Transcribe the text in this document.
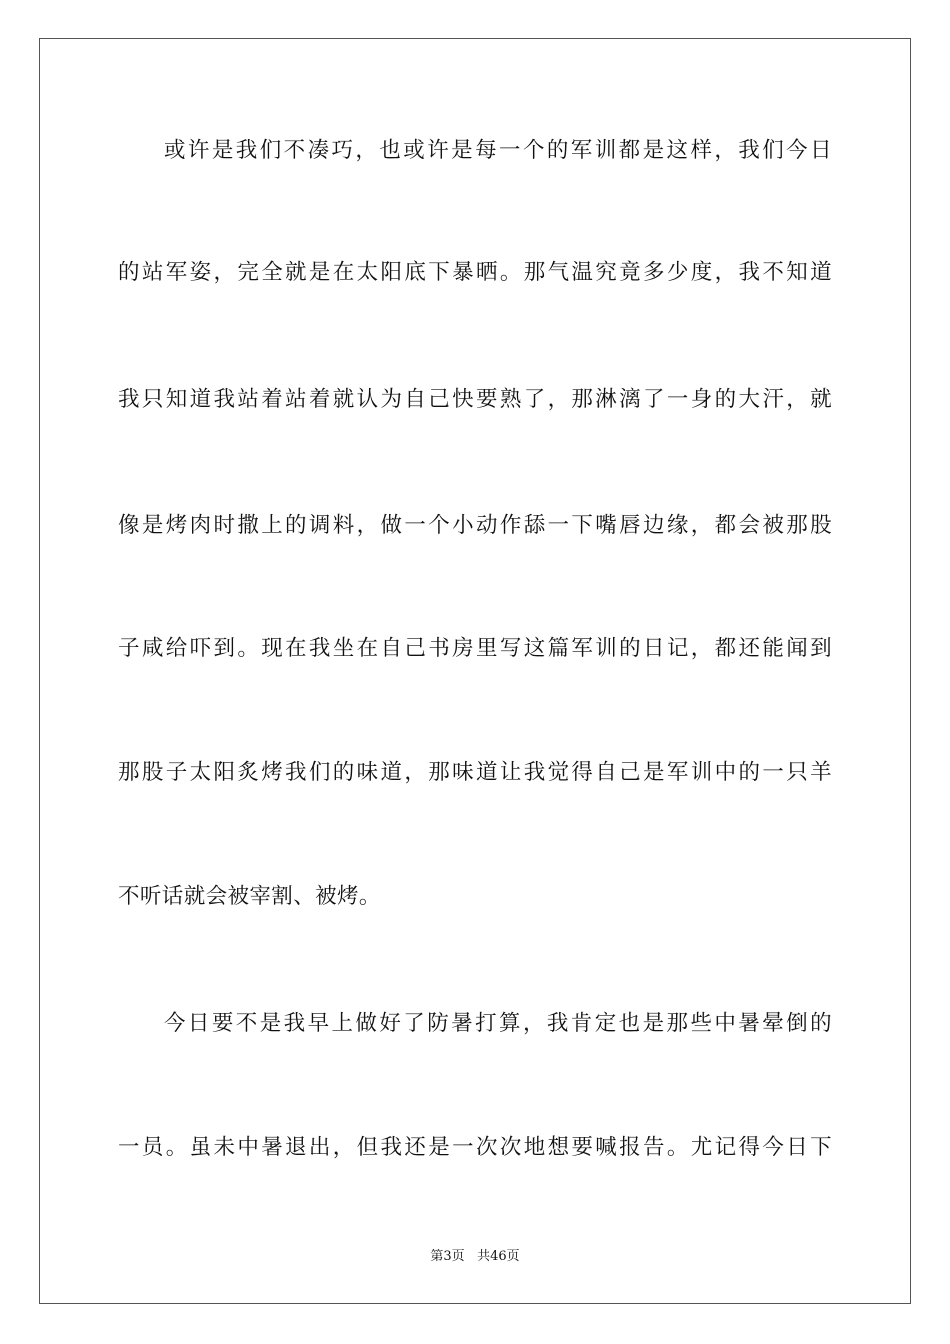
或许是我们不凑巧，也或许是每一个的军训都是这样，我们今日
的站军姿，完全就是在太阳底下暴晒。那气温究竟多少度，我不知道
我只知道我站着站着就认为自己快要熟了，那淋漓了一身的大汗，就
像是烤肉时撒上的调料，做一个小动作舔一下嘴唇边缘，都会被那股
子咸给吓到。现在我坐在自己书房里写这篇军训的日记，都还能闻到
那股子太阳炙烤我们的味道，那味道让我觉得自己是军训中的一只羊
不听话就会被宰割、被烤。
今日要不是我早上做好了防暑打算，我肯定也是那些中暑晕倒的
一员。虽未中暑退出，但我还是一次次地想要喊报告。尤记得今日下
第3页 共46页
